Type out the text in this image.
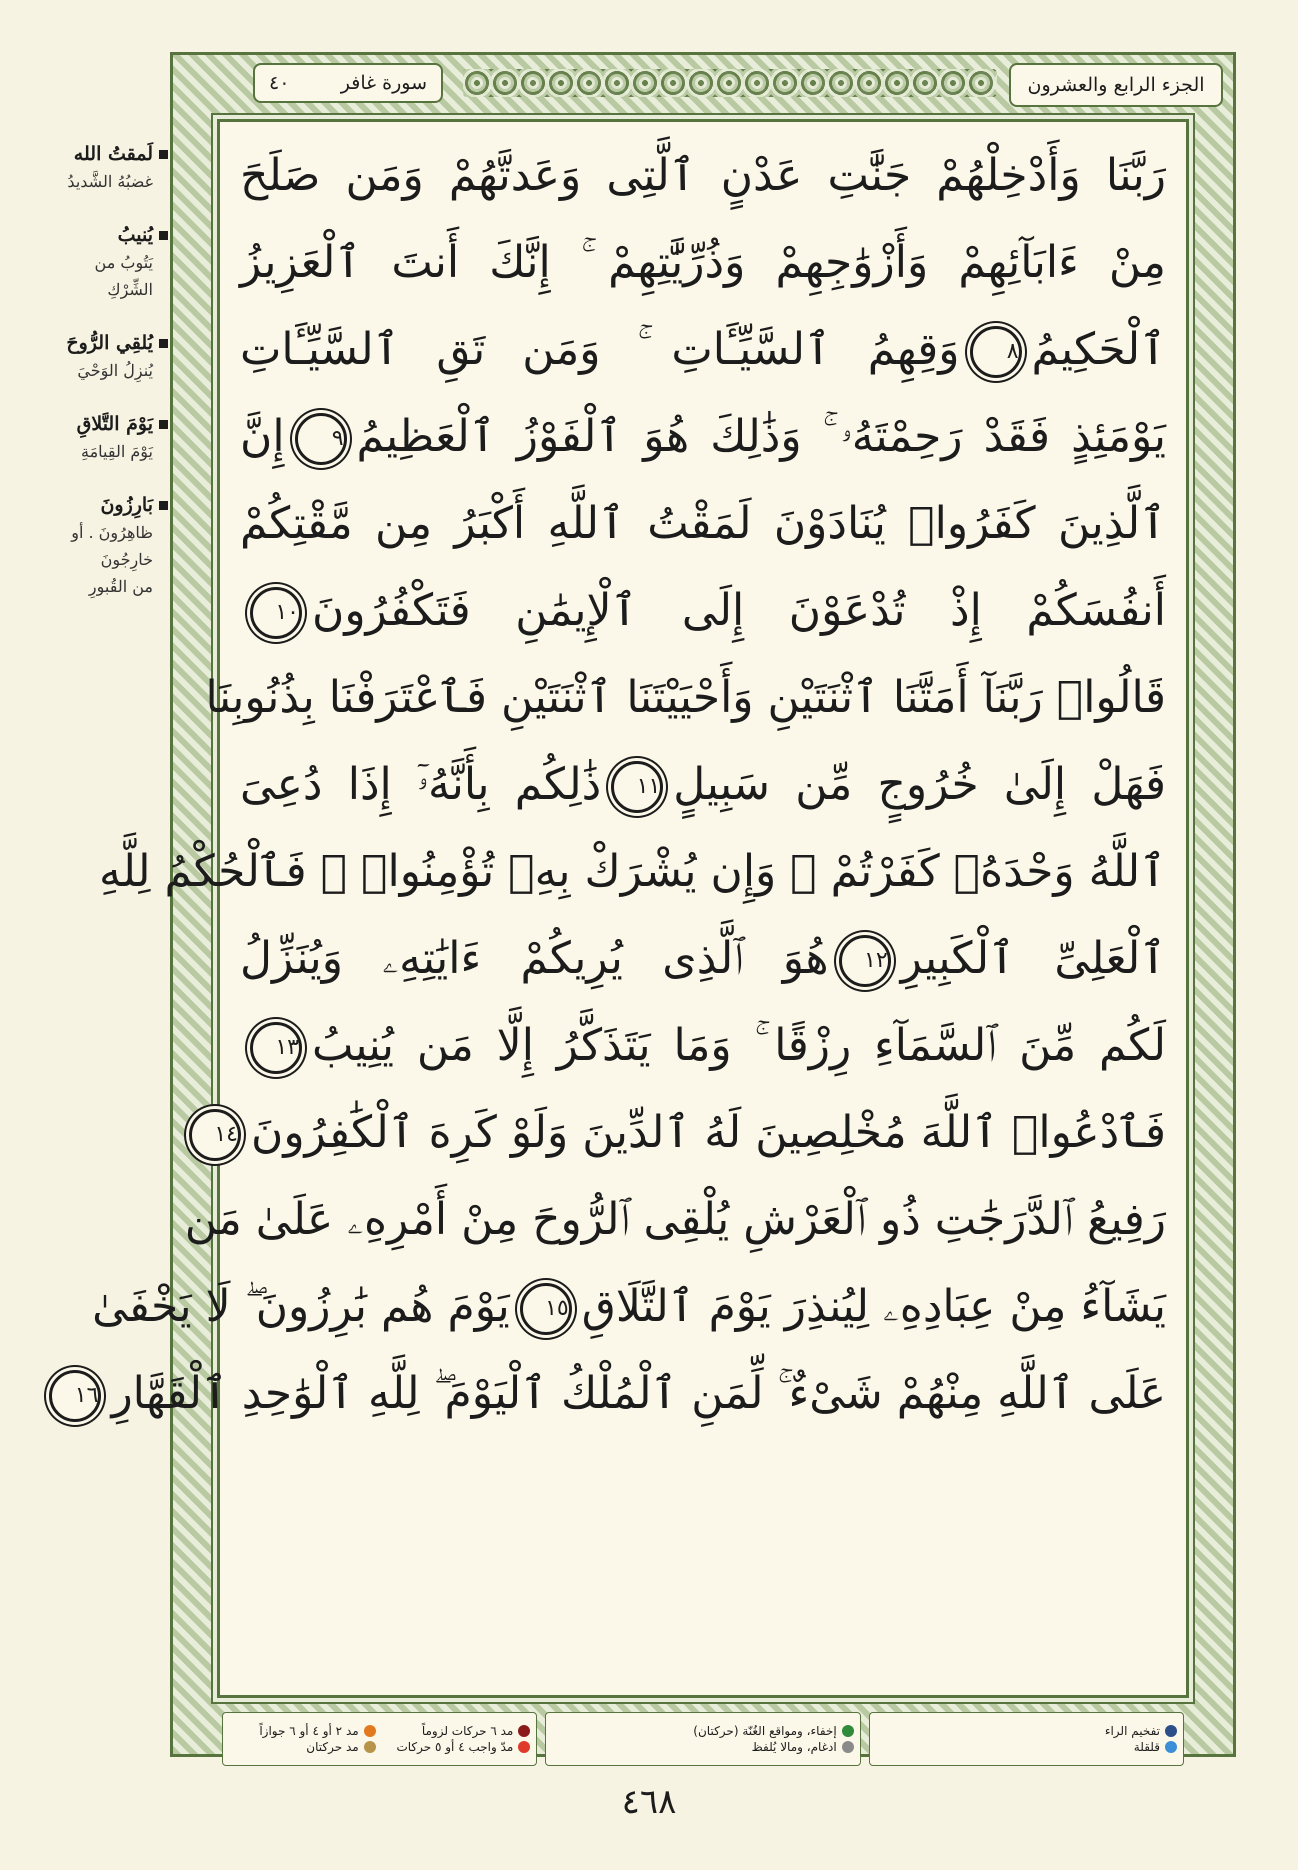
لَمقتُ الله
غضبُهُ الشَّديدُ
يُنيبُ
يَتُوبُ من
الشِّرْكِ
يُلقِي الرُّوحَ
يُنزِلُ الوَحْيَ
يَوْمَ التَّلاقِ
يَوْمَ القِيامَةِ
بَارِزُونَ
ظاهِرُونَ . أو
خارِجُونَ
من القُبورِ
الجزء الرابع والعشرون
سورة غافر
٤٠
رَبَّنَا وَأَدْخِلْهُمْ جَنَّٰتِ عَدْنٍ ٱلَّتِى وَعَدتَّهُمْ وَمَن صَلَحَ
مِنْ ءَابَآئِهِمْ وَأَزْوَٰجِهِمْ وَذُرِّيَّٰتِهِمْ ۚ إِنَّكَ أَنتَ ٱلْعَزِيزُ
ٱلْحَكِيمُ٨وَقِهِمُ ٱلسَّيِّـَٔاتِ ۚ وَمَن تَقِ ٱلسَّيِّـَٔاتِ
يَوْمَئِذٍ فَقَدْ رَحِمْتَهُۥ ۚ وَذَٰلِكَ هُوَ ٱلْفَوْزُ ٱلْعَظِيمُ٩إِنَّ
ٱلَّذِينَ كَفَرُوا۟ يُنَادَوْنَ لَمَقْتُ ٱللَّهِ أَكْبَرُ مِن مَّقْتِكُمْ
أَنفُسَكُمْ إِذْ تُدْعَوْنَ إِلَى ٱلْإِيمَٰنِ فَتَكْفُرُونَ١٠
قَالُوا۟ رَبَّنَآ أَمَتَّنَا ٱثْنَتَيْنِ وَأَحْيَيْتَنَا ٱثْنَتَيْنِ فَٱعْتَرَفْنَا بِذُنُوبِنَا
فَهَلْ إِلَىٰ خُرُوجٍ مِّن سَبِيلٍ١١ذَٰلِكُم بِأَنَّهُۥٓ إِذَا دُعِىَ
ٱللَّهُ وَحْدَهُۥ كَفَرْتُمْ ۖ وَإِن يُشْرَكْ بِهِۦ تُؤْمِنُوا۟ ۚ فَٱلْحُكْمُ لِلَّهِ
ٱلْعَلِىِّ ٱلْكَبِيرِ١٢هُوَ ٱلَّذِى يُرِيكُمْ ءَايَٰتِهِۦ وَيُنَزِّلُ
لَكُم مِّنَ ٱلسَّمَآءِ رِزْقًا ۚ وَمَا يَتَذَكَّرُ إِلَّا مَن يُنِيبُ١٣
فَٱدْعُوا۟ ٱللَّهَ مُخْلِصِينَ لَهُ ٱلدِّينَ وَلَوْ كَرِهَ ٱلْكَٰفِرُونَ١٤
رَفِيعُ ٱلدَّرَجَٰتِ ذُو ٱلْعَرْشِ يُلْقِى ٱلرُّوحَ مِنْ أَمْرِهِۦ عَلَىٰ مَن
يَشَآءُ مِنْ عِبَادِهِۦ لِيُنذِرَ يَوْمَ ٱلتَّلَاقِ١٥يَوْمَ هُم بَٰرِزُونَ ۖ لَا يَخْفَىٰ
عَلَى ٱللَّهِ مِنْهُمْ شَىْءٌ ۚ لِّمَنِ ٱلْمُلْكُ ٱلْيَوْمَ ۖ لِلَّهِ ٱلْوَٰحِدِ ٱلْقَهَّارِ١٦
مد ٦ حركات لزوماً
مد ٢ أو ٤ أو ٦ جوازاً
مدّ واجب ٤ أو ٥ حركات
مد حركتان
إخفاء، ومواقع الغُنّة (حركتان)
ادغام، ومالا يُلفظ
تفخيم الراء
قلقلة
٤٦٨
